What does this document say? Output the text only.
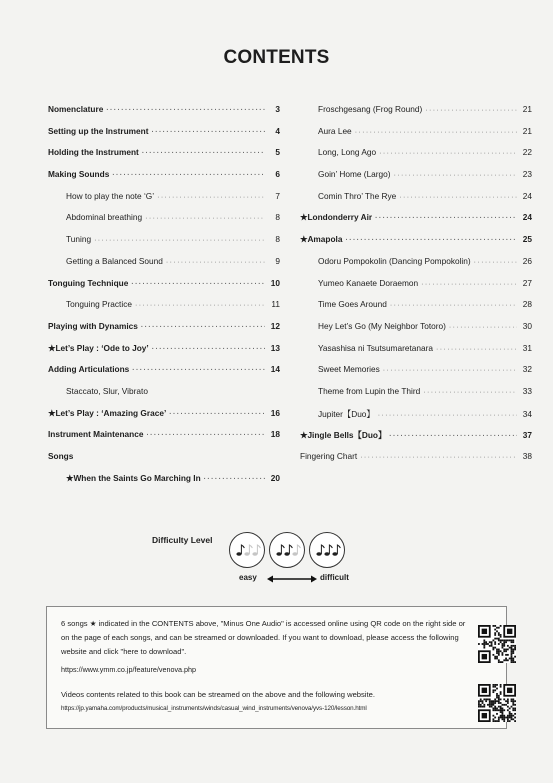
CONTENTS
Nomenclature ·····	3
Setting up the Instrument ·····	4
Holding the Instrument ·····	5
Making Sounds ·····	6
How to play the note ‘G’ ·····	7
Abdominal breathing ·····	8
Tuning ·····	8
Getting a Balanced Sound ·····	9
Tonguing Technique ·····	10
Tonguing Practice ·····	11
Playing with Dynamics ·····	12
★Let’s Play : ‘Ode to Joy’ ·····	13
Adding Articulations ·····	14
Staccato, Slur, Vibrato
★Let’s Play : ‘Amazing Grace’ ·····	16
Instrument Maintenance ·····	18
Songs
★When the Saints Go Marching In ·····	20
Froschgesang (Frog Round) ·····	21
Aura Lee ·····	21
Long, Long Ago ·····	22
Goin’ Home (Largo) ·····	23
Comin Thro’ The Rye ·····	24
★Londonderry Air ·····	24
★Amapola ·····	25
Odoru Pompokolin (Dancing Pompokolin) ·····	26
Yumeo Kanaete Doraemon ·····	27
Time Goes Around ·····	28
Hey Let’s Go (My Neighbor Totoro) ·····	30
Yasashisa ni Tsutsumaretanara ·····	31
Sweet Memories ·····	32
Theme from Lupin the Third ·····	33
Jupiter【Duo】 ·····	34
★Jingle Bells【Duo】 ·····	37
Fingering Chart ·····	38
Difficulty Level
easy	difficult
6 songs ★ indicated in the CONTENTS above, "Minus One Audio" is accessed online using QR code on the right side or on the page of each songs, and can be streamed or downloaded. If you want to download, please access the following website and click "here to download".
https://www.ymm.co.jp/feature/venova.php
Videos contents related to this book can be streamed on the above and the following website.
https://jp.yamaha.com/products/musical_instruments/winds/casual_wind_instruments/venova/yvs-120/lesson.html
